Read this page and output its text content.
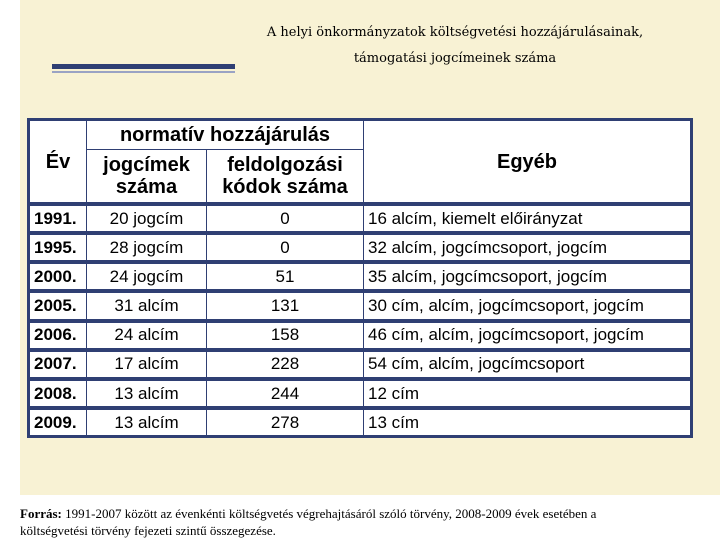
A helyi önkormányzatok költségvetési hozzájárulásainak, támogatási jogcímeinek száma
Év	normatív hozzájárulás		Egyéb
	jogcímek száma	feldolgozási kódok száma	
1991.	20 jogcím	0	16 alcím, kiemelt előirányzat
1995.	28 jogcím	0	32 alcím, jogcímcsoport, jogcím
2000.	24 jogcím	51	35 alcím, jogcímcsoport, jogcím
2005.	31 alcím	131	30 cím, alcím, jogcímcsoport, jogcím
2006.	24 alcím	158	46 cím, alcím, jogcímcsoport, jogcím
2007.	17 alcím	228	54 cím, alcím, jogcímcsoport
2008.	13 alcím	244	12 cím
2009.	13 alcím	278	13 cím
Forrás: 1991-2007 között az évenkénti költségvetés végrehajtásáról szóló törvény, 2008-2009 évek esetében a költségvetési törvény fejezeti szintű összegezése.
